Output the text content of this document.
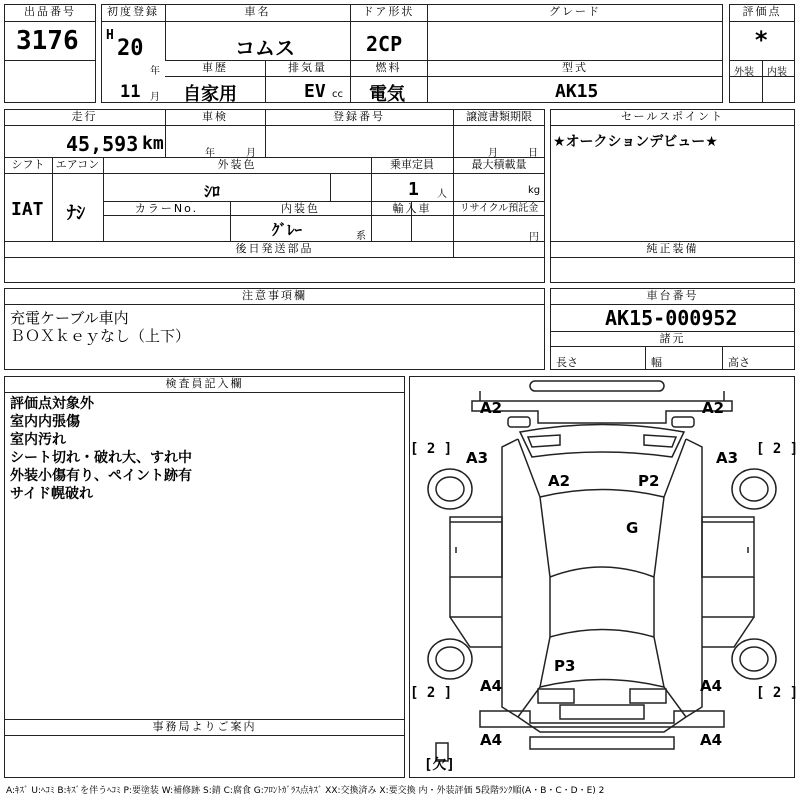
出品番号
3176
初度登録
H
20
年
11 月
車名
コムス
ドア形状
2CP
グレード
車歴
自家用
排気量
EV cc
燃料
電気
型式
AK15
評価点
*
外装 内装
走行
45,593 km
車検
年	月
登録番号	譲渡書類期限
月	日
シフト
IAT
エアコン
ﾅｼ
外装色
ｼﾛ
乗車定員
1 人
最大積載量
kg
カラーNo.	内装色
ｸﾞﾚｰ	系
輸入車	リサイクル預託金
円
後日発送部品
セールスポイント
★オークションデビュー★
純正装備
注意事項欄
充電ケーブル車内
ＢＯＸｋｅｙなし（上下）
車台番号
AK15-000952
諸元
長さ	幅	高さ
検査員記入欄
評価点対象外
室内内張傷
室内汚れ
シート切れ・破れ大、すれ中
外装小傷有り、ペイント跡有
サイド幌破れ
事務局よりご案内
A2	A2
A3	A3
A2	P2
G
P3
A4	A4
A4	A4
[ 2 ]	[ 2 ]
[ 2 ]	[ 2 ]
[欠]
A:ｷｽﾞ U:ﾍｺﾐ B:ｷｽﾞを伴うﾍｺﾐ P:要塗装 W:補修跡 S:錆 C:腐食 G:ﾌﾛﾝﾄｶﾞﾗｽ点ｷｽﾞ XX:交換済み X:要交換 内・外装評価 5段階ﾗﾝｸ順(A・B・C・D・E) 2
